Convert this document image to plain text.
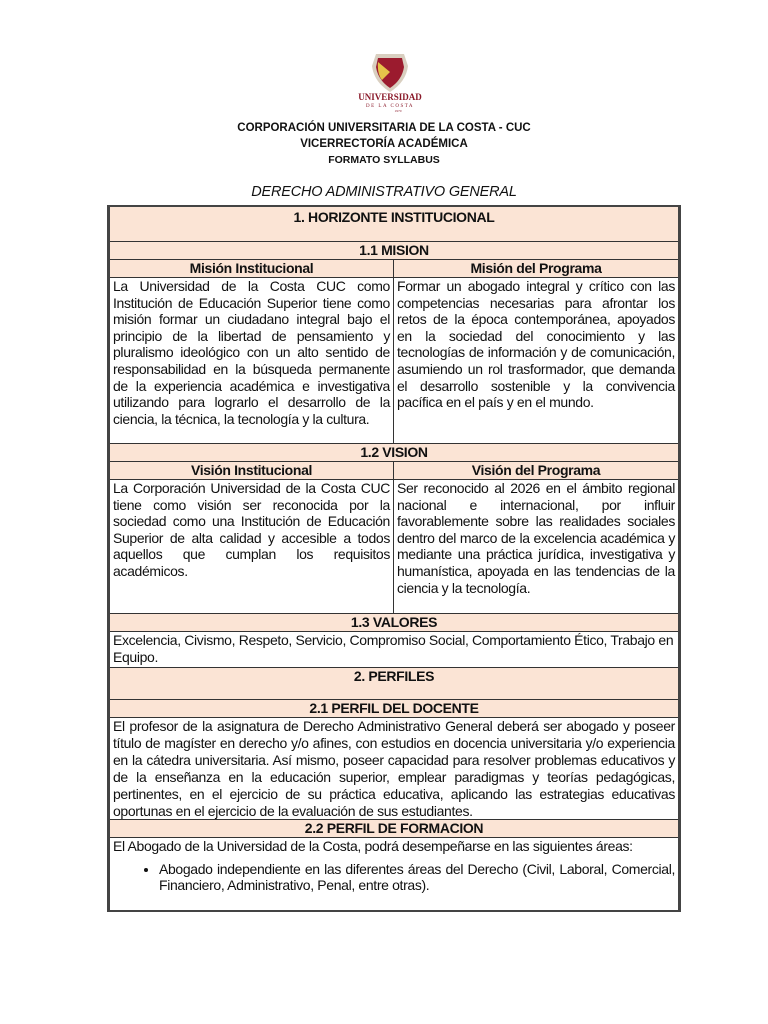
UNIVERSIDAD
DE LA COSTA
1970
CORPORACIÓN UNIVERSITARIA DE LA COSTA - CUC
VICERRECTORÍA ACADÉMICA
FORMATO SYLLABUS
DERECHO ADMINISTRATIVO GENERAL
1. HORIZONTE INSTITUCIONAL
1.1 MISION
Misión Institucional	Misión del Programa
La Universidad de la Costa CUC como Institución de Educación Superior tiene como misión formar un ciudadano integral bajo el principio de la libertad de pensamiento y pluralismo ideológico con un alto sentido de responsabilidad en la búsqueda permanente de la experiencia académica e investigativa utilizando para lograrlo el desarrollo de la ciencia, la técnica, la tecnología y la cultura.
Formar un abogado integral y crítico con las competencias necesarias para afrontar los retos de la época contemporánea, apoyados en la sociedad del conocimiento y las tecnologías de información y de comunicación, asumiendo un rol trasformador, que demanda el desarrollo sostenible y la convivencia pacífica en el país y en el mundo.
1.2 VISION
Visión Institucional	Visión del Programa
La Corporación Universidad de la Costa CUC tiene como visión ser reconocida por la sociedad como una Institución de Educación Superior de alta calidad y accesible a todos aquellos que cumplan los requisitos académicos.
Ser reconocido al 2026 en el ámbito regional nacional e internacional, por influir favorablemente sobre las realidades sociales dentro del marco de la excelencia académica y mediante una práctica jurídica, investigativa y humanística, apoyada en las tendencias de la ciencia y la tecnología.
1.3 VALORES
Excelencia, Civismo, Respeto, Servicio, Compromiso Social, Comportamiento Ético, Trabajo en Equipo.
2. PERFILES
2.1 PERFIL DEL DOCENTE
El profesor de la asignatura de Derecho Administrativo General deberá ser abogado y poseer título de magíster en derecho y/o afines, con estudios en docencia universitaria y/o experiencia en la cátedra universitaria. Así mismo, poseer capacidad para resolver problemas educativos y de la enseñanza en la educación superior, emplear paradigmas y teorías pedagógicas, pertinentes, en el ejercicio de su práctica educativa, aplicando las estrategias educativas oportunas en el ejercicio de la evaluación de sus estudiantes.
2.2 PERFIL DE FORMACION
El Abogado de la Universidad de la Costa, podrá desempeñarse en las siguientes áreas:
• Abogado independiente en las diferentes áreas del Derecho (Civil, Laboral, Comercial, Financiero, Administrativo, Penal, entre otras).
